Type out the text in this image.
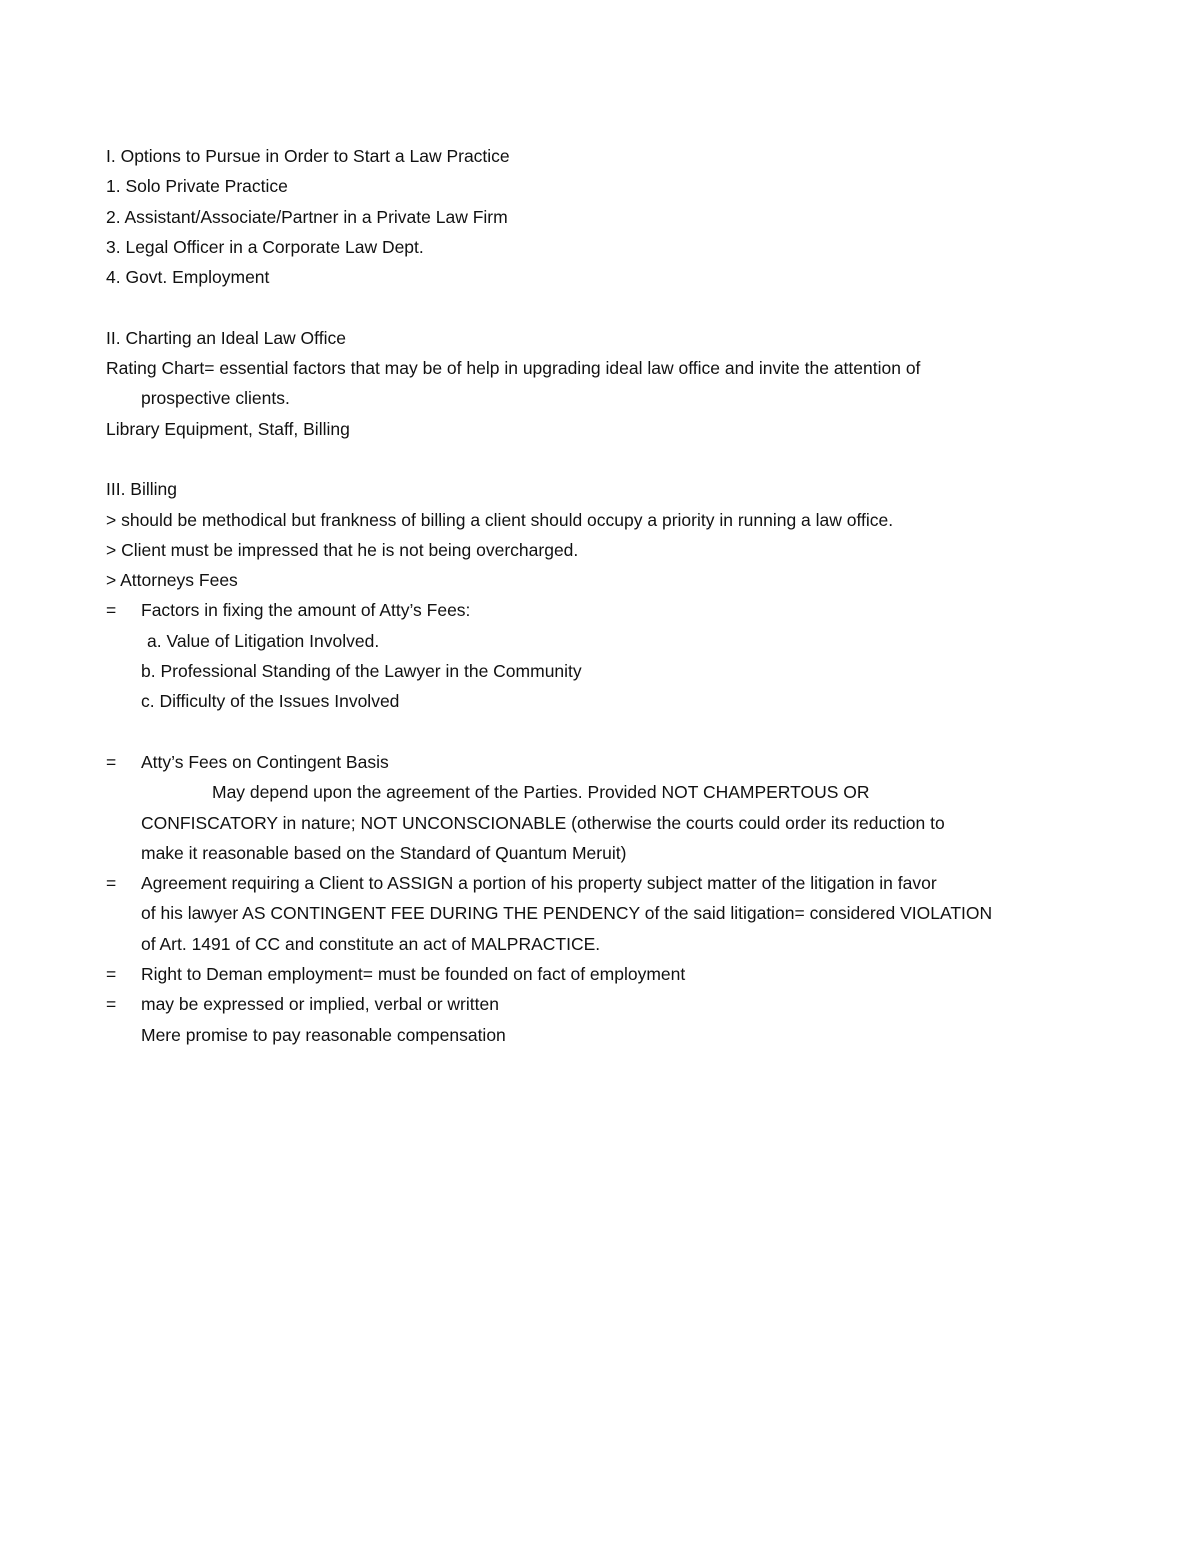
I. Options to Pursue in Order to Start a Law Practice
1. Solo Private Practice
2. Assistant/Associate/Partner in a Private Law Firm
3. Legal Officer in a Corporate Law Dept.
4. Govt. Employment
II. Charting an Ideal Law Office
Rating Chart= essential factors that may be of help in upgrading ideal law office and invite the attention of
prospective clients.
Library Equipment, Staff, Billing
III. Billing
> should be methodical but frankness of billing a client should occupy a priority in running a law office.
> Client must be impressed that he is not being overcharged.
> Attorneys Fees
= Factors in fixing the amount of Atty’s Fees:
a. Value of Litigation Involved.
b. Professional Standing of the Lawyer in the Community
c. Difficulty of the Issues Involved
= Atty’s Fees on Contingent Basis
May depend upon the agreement of the Parties. Provided NOT CHAMPERTOUS OR
CONFISCATORY in nature; NOT UNCONSCIONABLE (otherwise the courts could order its reduction to
make it reasonable based on the Standard of Quantum Meruit)
= Agreement requiring a Client to ASSIGN a portion of his property subject matter of the litigation in favor
of his lawyer AS CONTINGENT FEE DURING THE PENDENCY of the said litigation= considered VIOLATION
of Art. 1491 of CC and constitute an act of MALPRACTICE.
= Right to Deman employment= must be founded on fact of employment
= may be expressed or implied, verbal or written
Mere promise to pay reasonable compensation
